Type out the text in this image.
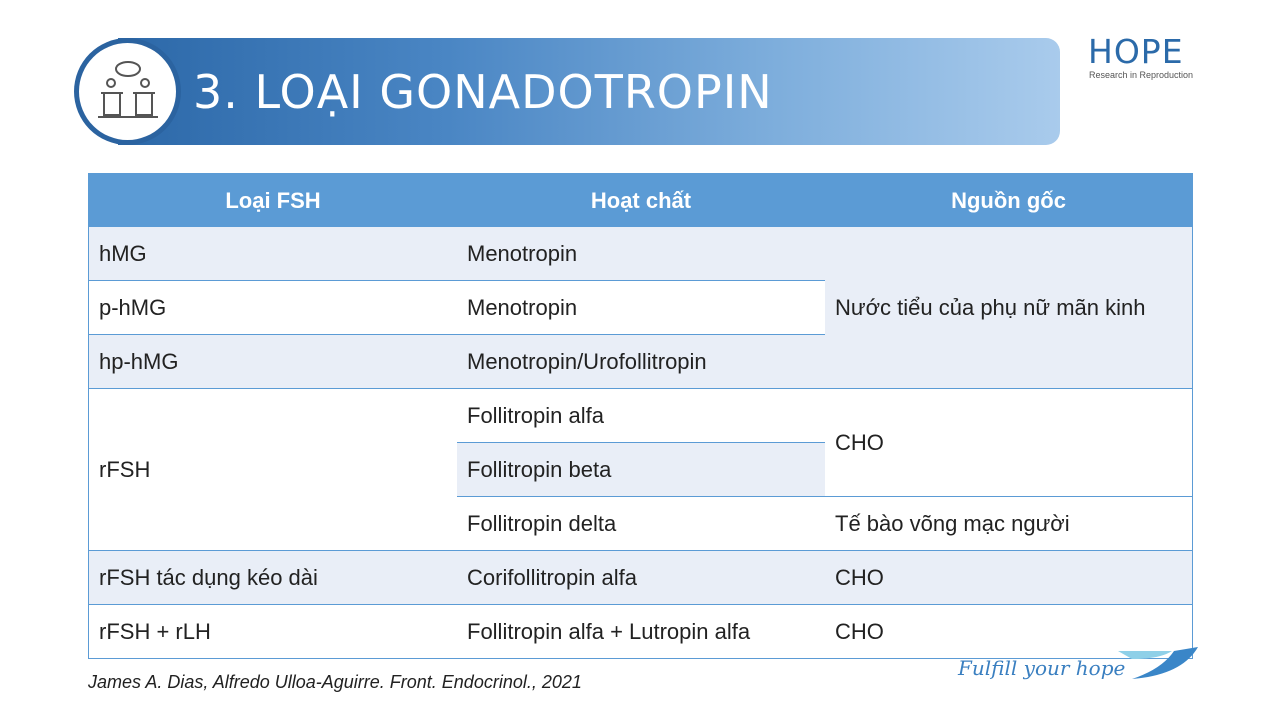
3. LOẠI GONADOTROPIN
HOPE
Research in Reproduction
Loại FSH	Hoạt chất	Nguồn gốc
hMG	Menotropin	Nước tiểu của phụ nữ mãn kinh
p-hMG	Menotropin	
hp-hMG	Menotropin/Urofollitropin	
rFSH	Follitropin alfa	CHO
	Follitropin beta	
	Follitropin delta	Tế bào võng mạc người
rFSH tác dụng kéo dài	Corifollitropin alfa	CHO
rFSH + rLH	Follitropin alfa + Lutropin alfa	CHO
James A. Dias, Alfredo Ulloa-Aguirre. Front. Endocrinol., 2021
Fulfill your hope
